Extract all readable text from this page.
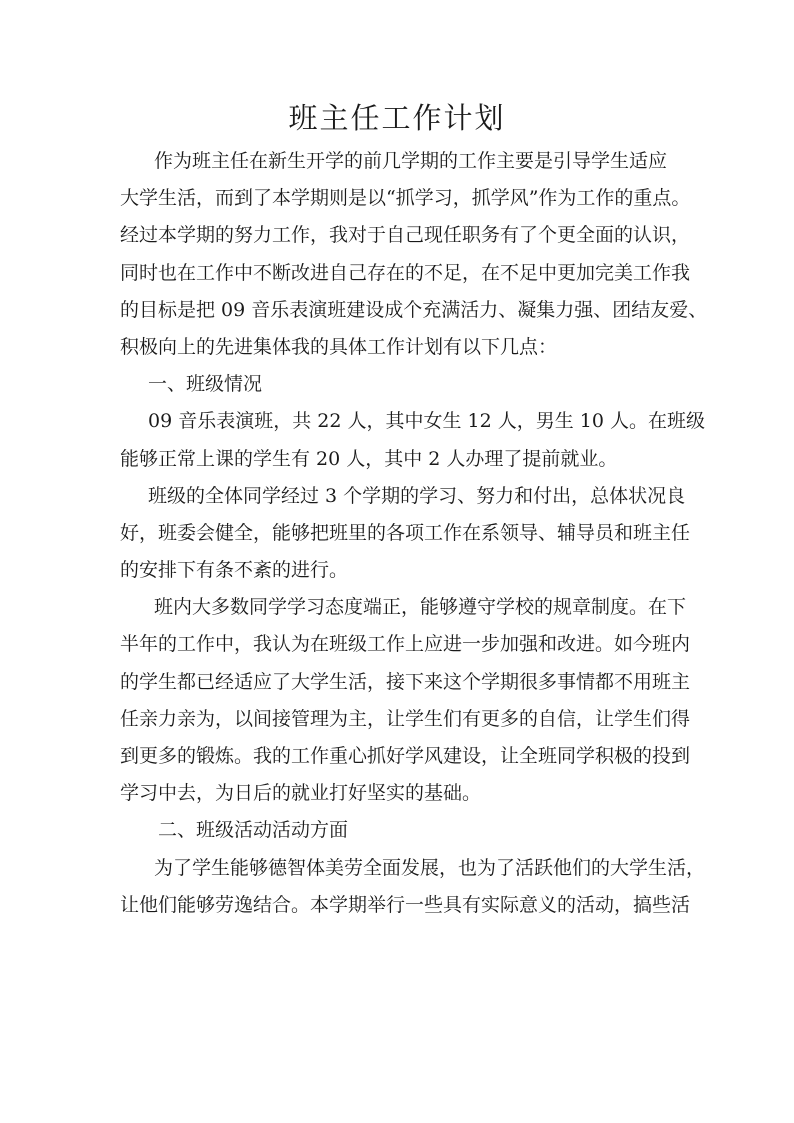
班主任工作计划
作为班主任在新生开学的前几学期的工作主要是引导学生适应
大学生活，而到了本学期则是以“抓学习，抓学风”作为工作的重点。
经过本学期的努力工作，我对于自己现任职务有了个更全面的认识，
同时也在工作中不断改进自己存在的不足，在不足中更加完美工作我
的目标是把 09 音乐表演班建设成个充满活力、凝集力强、团结友爱、
积极向上的先进集体我的具体工作计划有以下几点：
一、班级情况
09 音乐表演班，共 22 人，其中女生 12 人，男生 10 人。在班级
能够正常上课的学生有 20 人，其中 2 人办理了提前就业。
班级的全体同学经过 3 个学期的学习、努力和付出，总体状况良
好，班委会健全，能够把班里的各项工作在系领导、辅导员和班主任
的安排下有条不紊的进行。
班内大多数同学学习态度端正，能够遵守学校的规章制度。在下
半年的工作中，我认为在班级工作上应进一步加强和改进。如今班内
的学生都已经适应了大学生活，接下来这个学期很多事情都不用班主
任亲力亲为，以间接管理为主，让学生们有更多的自信，让学生们得
到更多的锻炼。我的工作重心抓好学风建设，让全班同学积极的投到
学习中去，为日后的就业打好坚实的基础。
二、班级活动活动方面
为了学生能够德智体美劳全面发展，也为了活跃他们的大学生活，
让他们能够劳逸结合。本学期举行一些具有实际意义的活动，搞些活
